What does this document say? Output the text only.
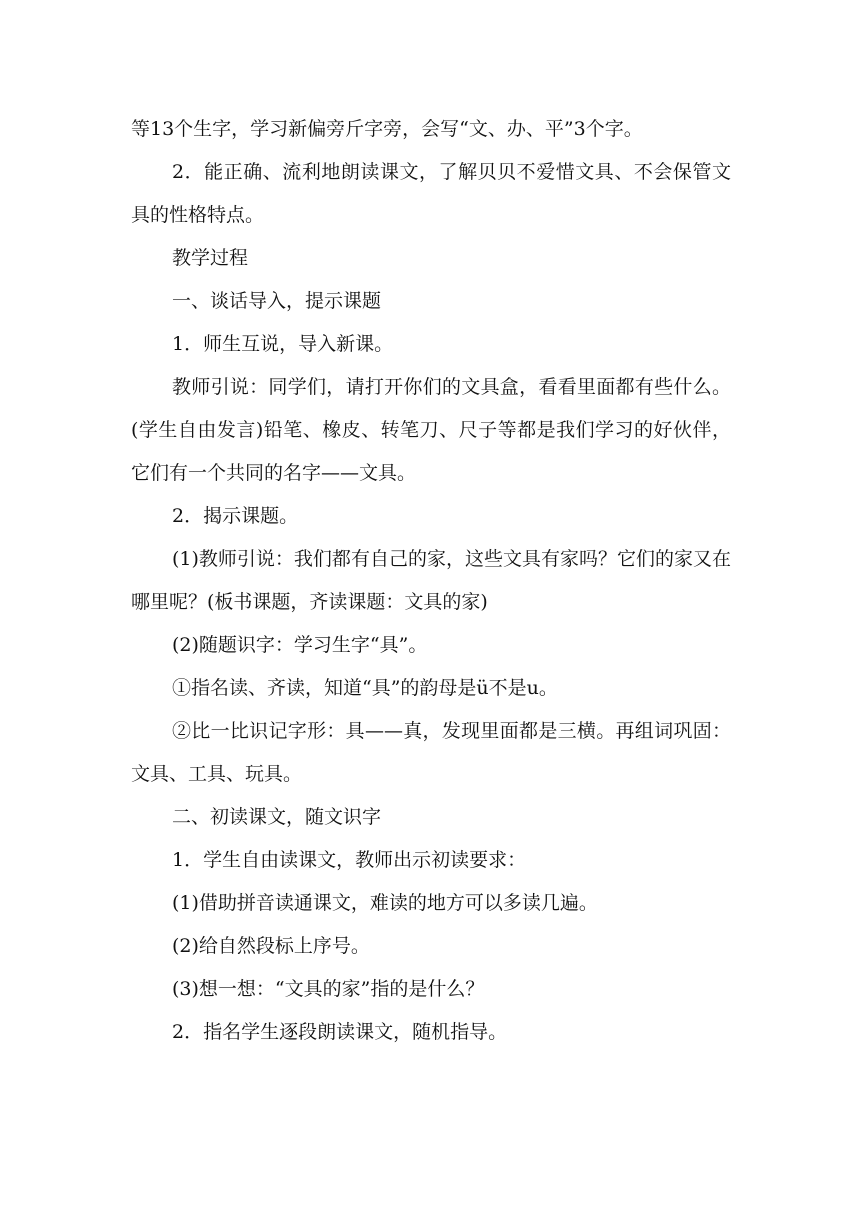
等13个生字，学习新偏旁斤字旁，会写“文、办、平”3个字。

2．能正确、流利地朗读课文，了解贝贝不爱惜文具、不会保管文具的性格特点。

教学过程

一、谈话导入，提示课题

1．师生互说，导入新课。

教师引说：同学们，请打开你们的文具盒，看看里面都有些什么。(学生自由发言)铅笔、橡皮、转笔刀、尺子等都是我们学习的好伙伴，它们有一个共同的名字——文具。

2．揭示课题。

(1)教师引说：我们都有自己的家，这些文具有家吗？它们的家又在哪里呢？(板书课题，齐读课题：文具的家)

(2)随题识字：学习生字“具”。

①指名读、齐读，知道“具”的韵母是ü不是u。

②比一比识记字形：具——真，发现里面都是三横。再组词巩固：文具、工具、玩具。

二、初读课文，随文识字

1．学生自由读课文，教师出示初读要求：

(1)借助拼音读通课文，难读的地方可以多读几遍。

(2)给自然段标上序号。

(3)想一想：“文具的家”指的是什么？

2．指名学生逐段朗读课文，随机指导。
